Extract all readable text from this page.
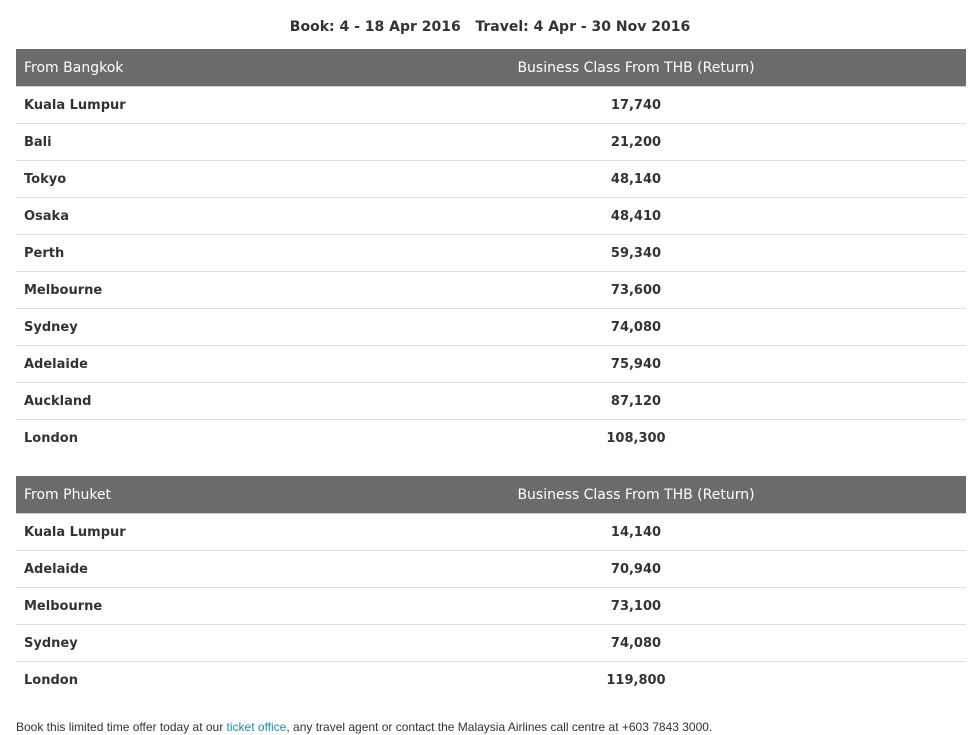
Book: 4 - 18 Apr 2016   Travel: 4 Apr - 30 Nov 2016
From Bangkok	Business Class From THB (Return)
Kuala Lumpur	17,740
Bali	21,200
Tokyo	48,140
Osaka	48,410
Perth	59,340
Melbourne	73,600
Sydney	74,080
Adelaide	75,940
Auckland	87,120
London	108,300
From Phuket	Business Class From THB (Return)
Kuala Lumpur	14,140
Adelaide	70,940
Melbourne	73,100
Sydney	74,080
London	119,800
Book this limited time offer today at our ticket office, any travel agent or contact the Malaysia Airlines call centre at +603 7843 3000.
